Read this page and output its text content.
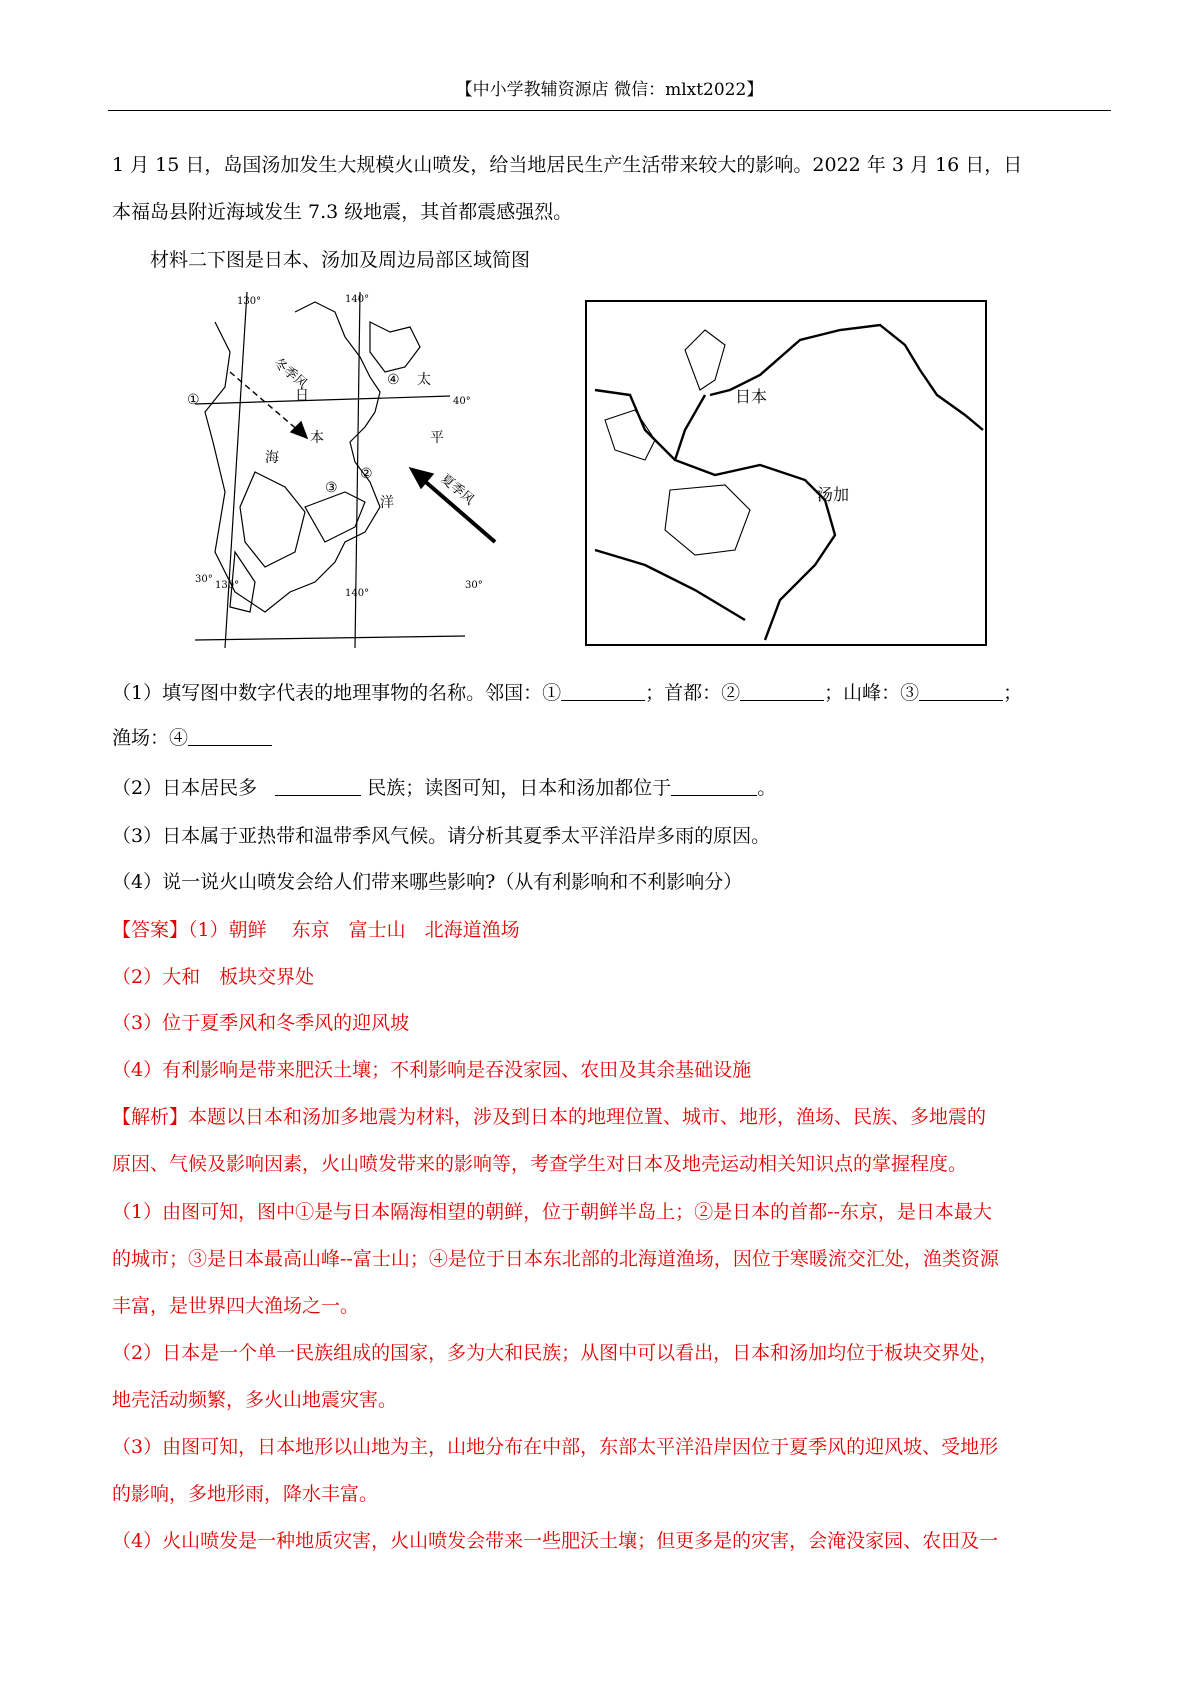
【中小学教辅资源店 微信：mlxt2022】
1 月 15 日，岛国汤加发生大规模火山喷发，给当地居民生产生活带来较大的影响。2022 年 3 月 16 日，日
本福岛县附近海域发生 7.3 级地震，其首都震感强烈。
材料二下图是日本、汤加及周边局部区域简图
130°	140°
40°
30°
130°
140°
30°
冬季风
夏季风
日
本
海
太
平
洋
①
②
③
④
日本
汤加
（1）填写图中数字代表的地理事物的名称。邻国：①	；首都：②	；山峰：③	；
渔场：④
（2）日本居民多	民族；读图可知，日本和汤加都位于	。
（3）日本属于亚热带和温带季风气候。请分析其夏季太平洋沿岸多雨的原因。
（4）说一说火山喷发会给人们带来哪些影响?（从有利影响和不利影响分）
【答案】（1）朝鲜　 东京　富士山　北海道渔场
（2）大和　板块交界处
（3）位于夏季风和冬季风的迎风坡
（4）有利影响是带来肥沃土壤；不利影响是吞没家园、农田及其余基础设施
【解析】本题以日本和汤加多地震为材料，涉及到日本的地理位置、城市、地形，渔场、民族、多地震的
原因、气候及影响因素，火山喷发带来的影响等，考查学生对日本及地壳运动相关知识点的掌握程度。
（1）由图可知，图中①是与日本隔海相望的朝鲜，位于朝鲜半岛上；②是日本的首都--东京，是日本最大
的城市；③是日本最高山峰--富士山；④是位于日本东北部的北海道渔场，因位于寒暖流交汇处，渔类资源
丰富，是世界四大渔场之一。
（2）日本是一个单一民族组成的国家，多为大和民族；从图中可以看出，日本和汤加均位于板块交界处，
地壳活动频繁，多火山地震灾害。
（3）由图可知，日本地形以山地为主，山地分布在中部，东部太平洋沿岸因位于夏季风的迎风坡、受地形
的影响，多地形雨，降水丰富。
（4）火山喷发是一种地质灾害，火山喷发会带来一些肥沃土壤；但更多是的灾害，会淹没家园、农田及一
